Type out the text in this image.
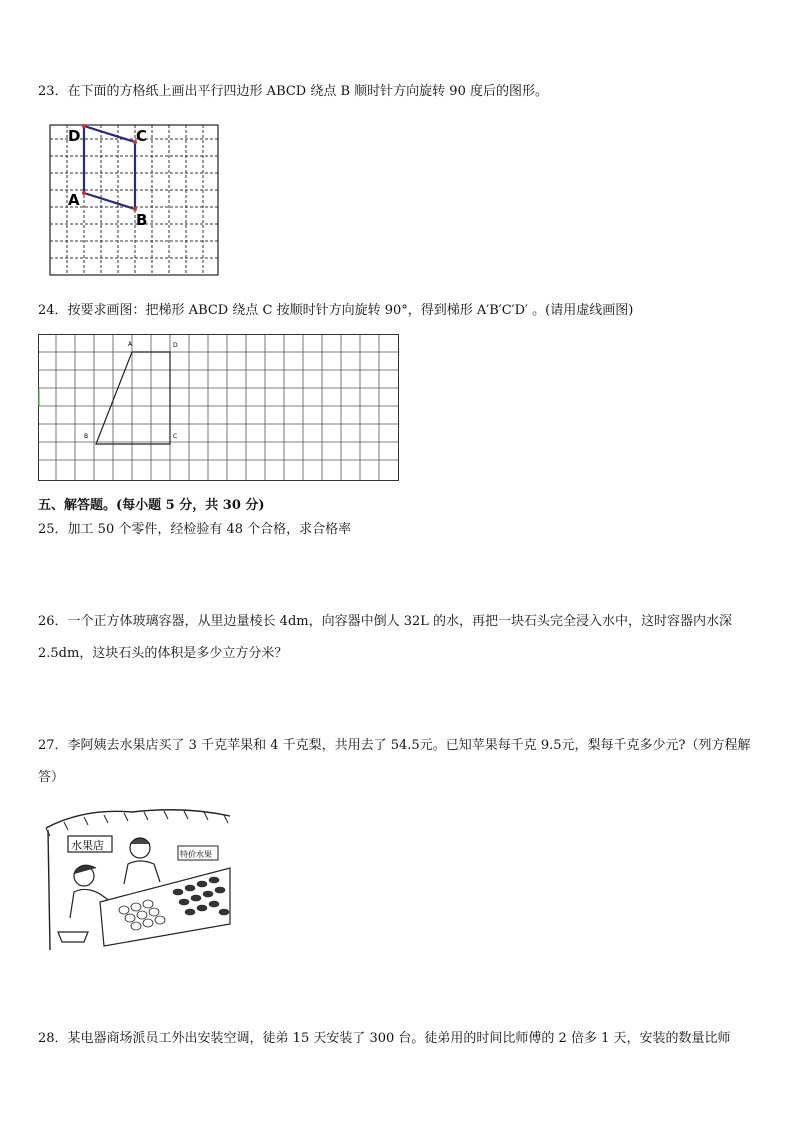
23．在下面的方格纸上画出平行四边形 ABCD 绕点 B 顺时针方向旋转 90 度后的图形。
D	C
A
B
24．按要求画图：把梯形 ABCD 绕点 C 按顺时针方向旋转 90°，得到梯形 A′B′C′D′ 。(请用虚线画图)
A	D
B	C
五、解答题。(每小题 5 分，共 30 分)
25．加工 50 个零件，经检验有 48 个合格，求合格率
26．一个正方体玻璃容器，从里边量棱长 4dm，向容器中倒人 32L 的水，再把一块石头完全浸入水中，这时容器内水深 2.5dm，这块石头的体积是多少立方分米？
27．李阿姨去水果店买了 3 千克苹果和 4 千克梨，共用去了 54.5元。已知苹果每千克 9.5元，梨每千克多少元?（列方程解答）
水果店
特价水果
28．某电器商场派员工外出安装空调，徒弟 15 天安装了 300 台。徒弟用的时间比师傅的 2 倍多 1 天，安装的数量比师
